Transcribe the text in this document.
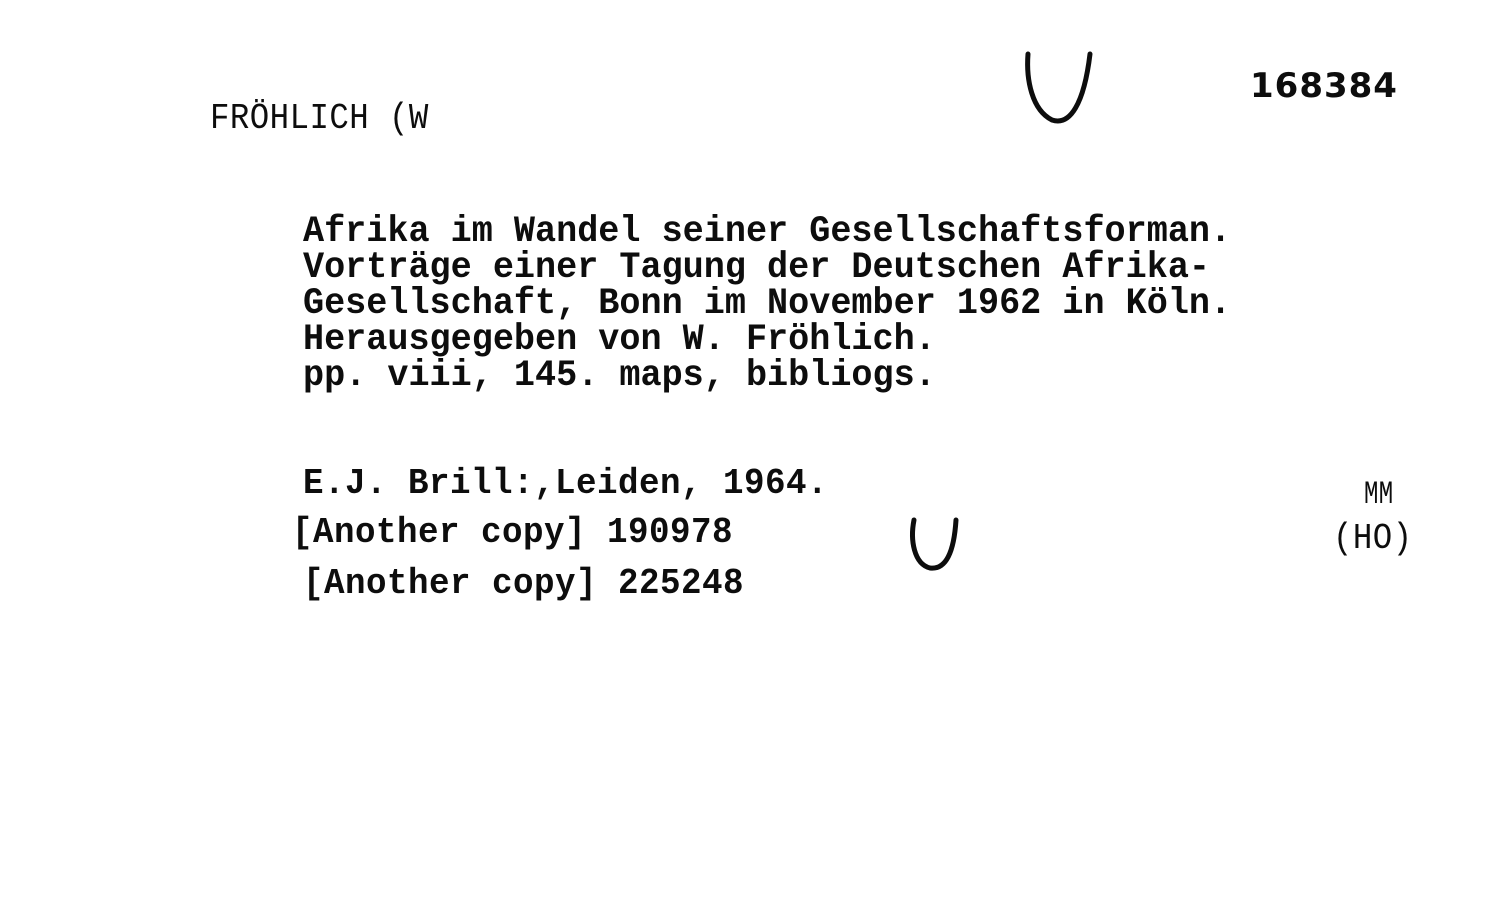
FRÖHLICH (W
168384
Afrika im Wandel seiner Gesellschaftsforman.
Vorträge einer Tagung der Deutschen Afrika-
Gesellschaft, Bonn im November 1962 in Köln.
Herausgegeben von W. Fröhlich.
pp. viii, 145. maps, bibliogs.
E.J. Brill:,Leiden, 1964.
[Another copy] 190978
[Another copy] 225248
MM
(HO)
